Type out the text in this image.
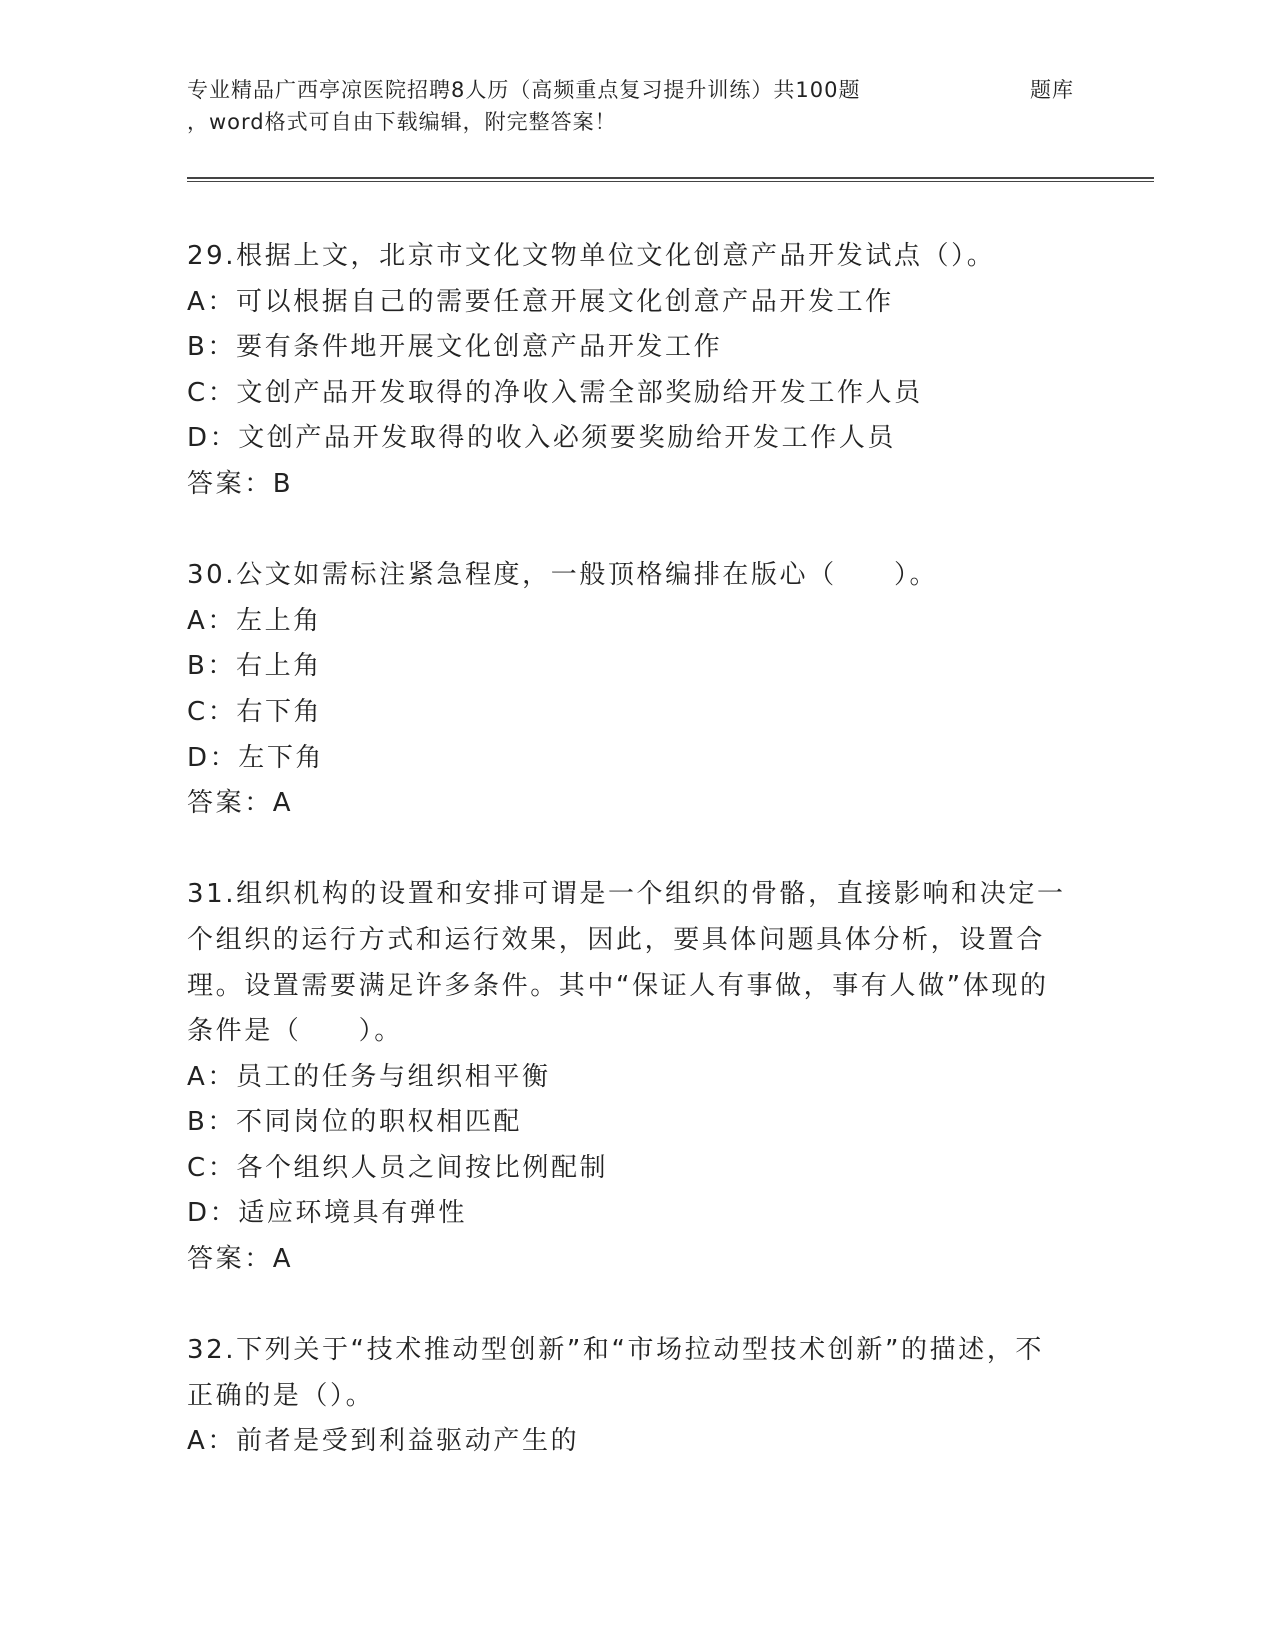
专业精品广西亭凉医院招聘8人历（高频重点复习提升训练）共100题	题库
，word格式可自由下载编辑，附完整答案！

29.根据上文，北京市文化文物单位文化创意产品开发试点（）。

A：可以根据自己的需要任意开展文化创意产品开发工作

B：要有条件地开展文化创意产品开发工作

C：文创产品开发取得的净收入需全部奖励给开发工作人员

D：文创产品开发取得的收入必须要奖励给开发工作人员

答案：B

30.公文如需标注紧急程度，一般顶格编排在版心（　　）。

A：左上角

B：右上角

C：右下角

D：左下角

答案：A

31.组织机构的设置和安排可谓是一个组织的骨骼，直接影响和决定一个组织的运行方式和运行效果，因此，要具体问题具体分析，设置合理。设置需要满足许多条件。其中“保证人有事做，事有人做”体现的条件是（　　）。

A：员工的任务与组织相平衡

B：不同岗位的职权相匹配

C：各个组织人员之间按比例配制

D：适应环境具有弹性

答案：A

32.下列关于“技术推动型创新”和“市场拉动型技术创新”的描述，不正确的是（）。

A：前者是受到利益驱动产生的
